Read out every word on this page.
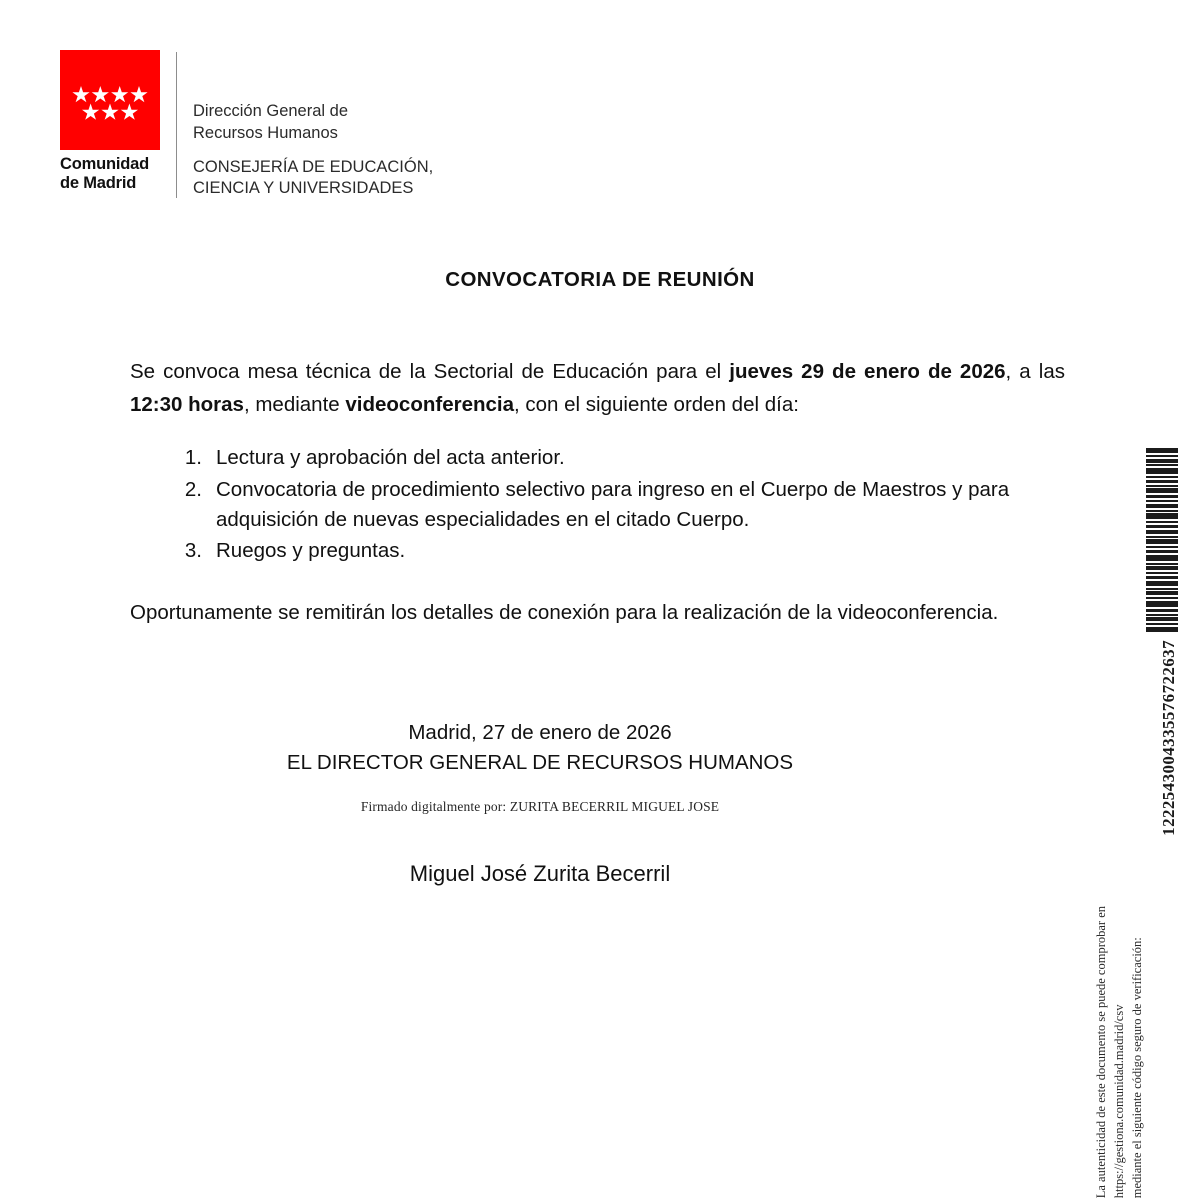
Comunidad
de Madrid
Dirección General de
Recursos Humanos
CONSEJERÍA DE EDUCACIÓN,
CIENCIA Y UNIVERSIDADES
CONVOCATORIA DE REUNIÓN

Se convoca mesa técnica de la Sectorial de Educación para el jueves 29 de enero de 2026, a las 12:30 horas, mediante videoconferencia, con el siguiente orden del día:

1. Lectura y aprobación del acta anterior.
2. Convocatoria de procedimiento selectivo para ingreso en el Cuerpo de Maestros y para adquisición de nuevas especialidades en el citado Cuerpo.
3. Ruegos y preguntas.

Oportunamente se remitirán los detalles de conexión para la realización de la videoconferencia.

Madrid, 27 de enero de 2026
EL DIRECTOR GENERAL DE RECURSOS HUMANOS
Firmado digitalmente por: ZURITA BECERRIL MIGUEL JOSE
Miguel José Zurita Becerril
1222543004335576722637
La autenticidad de este documento se puede comprobar en https://gestiona.comunidad.madrid/csv mediante el siguiente código seguro de verificación:
